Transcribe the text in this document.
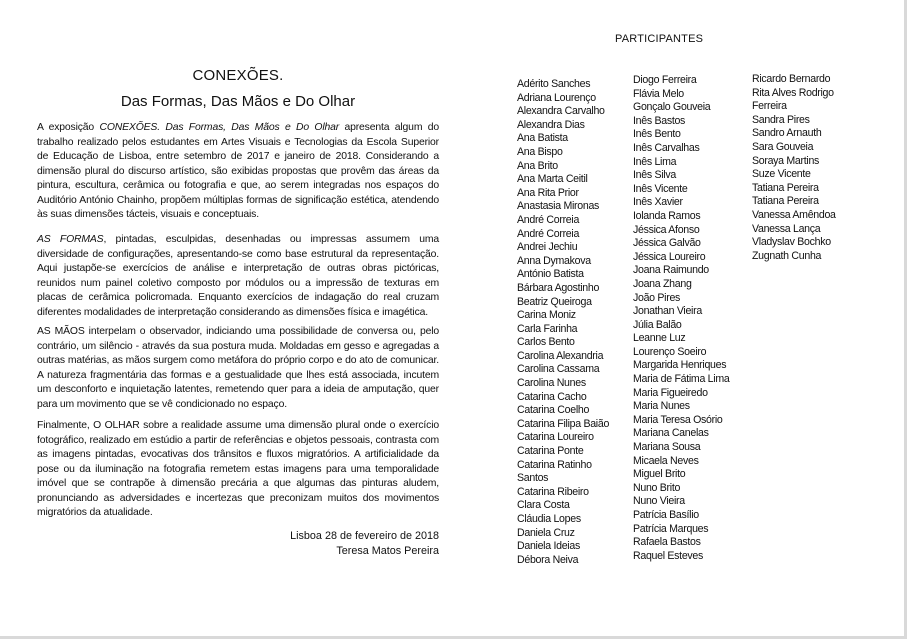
CONEXÕES.
Das Formas, Das Mãos e Do Olhar

A exposição CONEXÕES. Das Formas, Das Mãos e Do Olhar apresenta algum do trabalho realizado pelos estudantes em Artes Visuais e Tecnologias da Escola Superior de Educação de Lisboa, entre setembro de 2017 e janeiro de 2018. Considerando a dimensão plural do discurso artístico, são exibidas propostas que provêm das áreas da pintura, escultura, cerâmica ou fotografia e que, ao serem integradas nos espaços do Auditório António Chainho, propõem múltiplas formas de significação estética, atendendo às suas dimensões tácteis, visuais e conceptuais.

AS FORMAS, pintadas, esculpidas, desenhadas ou impressas assumem uma diversidade de configurações, apresentando-se como base estrutural da representação. Aqui justapõe-se exercícios de análise e interpretação de outras obras pictóricas, reunidos num painel coletivo composto por módulos ou a impressão de texturas em placas de cerâmica policromada. Enquanto exercícios de indagação do real cruzam diferentes modalidades de interpretação considerando as dimensões física e imagética.

AS MÃOS interpelam o observador, indiciando uma possibilidade de conversa ou, pelo contrário, um silêncio - através da sua postura muda. Moldadas em gesso e agregadas a outras matérias, as mãos surgem como metáfora do próprio corpo e do ato de comunicar. A natureza fragmentária das formas e a gestualidade que lhes está associada, incutem um desconforto e inquietação latentes, remetendo quer para a ideia de amputação, quer para um movimento que se vê condicionado no espaço.

Finalmente, O OLHAR sobre a realidade assume uma dimensão plural onde o exercício fotográfico, realizado em estúdio a partir de referências e objetos pessoais, contrasta com as imagens pintadas, evocativas dos trânsitos e fluxos migratórios. A artificialidade da pose ou da iluminação na fotografia remetem estas imagens para uma temporalidade imóvel que se contrapõe à dimensão precária a que algumas das pinturas aludem, pronunciando as adversidades e incertezas que preconizam muitos dos movimentos migratórios da atualidade.

Lisboa 28 de fevereiro de 2018
Teresa Matos Pereira
PARTICIPANTES
Adérito Sanches
Adriana Lourenço
Alexandra Carvalho
Alexandra Dias
Ana Batista
Ana Bispo
Ana Brito
Ana Marta Ceitil
Ana Rita Prior
Anastasia Mironas
André Correia
André Correia
Andrei Jechiu
Anna Dymakova
António Batista
Bárbara Agostinho
Beatriz Queiroga
Carina Moniz
Carla Farinha
Carlos Bento
Carolina Alexandria
Carolina Cassama
Carolina Nunes
Catarina Cacho
Catarina Coelho
Catarina Filipa Baião
Catarina Loureiro
Catarina Ponte
Catarina Ratinho
Santos
Catarina Ribeiro
Clara Costa
Cláudia Lopes
Daniela Cruz
Daniela Ideias
Débora Neiva
Diogo Ferreira
Flávia Melo
Gonçalo Gouveia
Inês Bastos
Inês Bento
Inês Carvalhas
Inês Lima
Inês Silva
Inês Vicente
Inês Xavier
Iolanda Ramos
Jéssica Afonso
Jéssica Galvão
Jéssica Loureiro
Joana Raimundo
Joana Zhang
João Pires
Jonathan Vieira
Júlia Balão
Leanne Luz
Lourenço Soeiro
Margarida Henriques
Maria de Fátima Lima
Maria Figueiredo
Maria Nunes
Maria Teresa Osório
Mariana Canelas
Mariana Sousa
Micaela Neves
Miguel Brito
Nuno Brito
Nuno Vieira
Patrícia Basílio
Patrícia Marques
Rafaela Bastos
Raquel Esteves
Ricardo Bernardo
Rita Alves Rodrigo
Ferreira
Sandra Pires
Sandro Arnauth
Sara Gouveia
Soraya Martins
Suze Vicente
Tatiana Pereira
Tatiana Pereira
Vanessa Amêndoa
Vanessa Lança
Vladyslav Bochko
Zugnath Cunha
